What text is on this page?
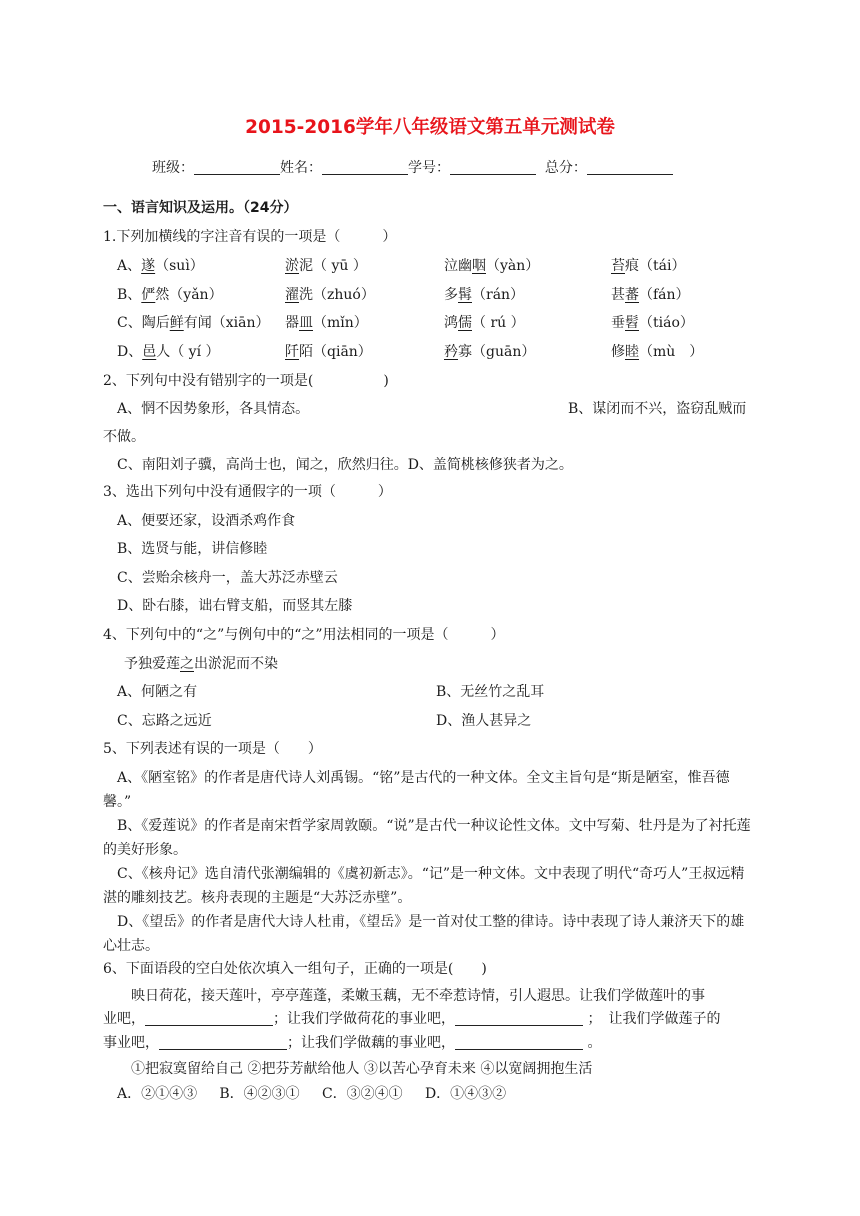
2015-2016学年八年级语文第五单元测试卷
班级：	姓名：	学号：	总分：
一、语言知识及运用。（24分）
1.下列加横线的字注音有误的一项是（　　　）
A、遂（suì）	淤泥（ yū ）	泣幽咽（yàn）	苔痕（tái）
B、俨然（yǎn）	濯洗（zhuó）	多髯（rán）	甚蕃（fán）
C、陶后鲜有闻（xiān） 器皿（mǐn）	鸿儒（ rú ）	垂髫（tiáo）
D、邑人（ yí ）	阡陌（qiān）	矜寡（guān）	修睦（mù　）
2、下列句中没有错别字的一项是(　　　　　)
A、惘不因势象形，各具情态。	B、谋闭而不兴，盗窃乱贼而
不做。
C、南阳刘子骥，高尚士也，闻之，欣然归往。D、盖简桃核修狭者为之。
3、选出下列句中没有通假字的一项（　　　）
A、便要还家，设酒杀鸡作食
B、选贤与能，讲信修睦
C、尝贻余核舟一，盖大苏泛赤壁云
D、卧右膝，诎右臂支船，而竖其左膝
4、下列句中的“之”与例句中的“之”用法相同的一项是（　　　）
予独爱莲之出淤泥而不染
A、何陋之有	B、无丝竹之乱耳
C、忘路之远近	D、渔人甚异之
5、下列表述有误的一项是（　　）
A、《陋室铭》的作者是唐代诗人刘禹锡。“铭”是古代的一种文体。全文主旨句是“斯是陋室，惟吾德馨。”
B、《爱莲说》的作者是南宋哲学家周敦颐。“说”是古代一种议论性文体。文中写菊、牡丹是为了衬托莲的美好形象。
C、《核舟记》选自清代张潮编辑的《虞初新志》。“记”是一种文体。文中表现了明代“奇巧人”王叔远精湛的雕刻技艺。核舟表现的主题是“大苏泛赤壁”。
D、《望岳》的作者是唐代大诗人杜甫，《望岳》是一首对仗工整的律诗。诗中表现了诗人兼济天下的雄心壮志。
6、下面语段的空白处依次填入一组句子，正确的一项是(　　)
映日荷花，接天莲叶，亭亭莲蓬，柔嫩玉藕，无不牵惹诗情，引人遐思。让我们学做莲叶的事
业吧，	；让我们学做荷花的事业吧，	；　让我们学做莲子的
事业吧，	；让我们学做藕的事业吧，	。
①把寂寞留给自己 ②把芬芳献给他人 ③以苦心孕育未来 ④以宽阔拥抱生活
A．②①④③ B．④②③① C．③②④① D．①④③②
